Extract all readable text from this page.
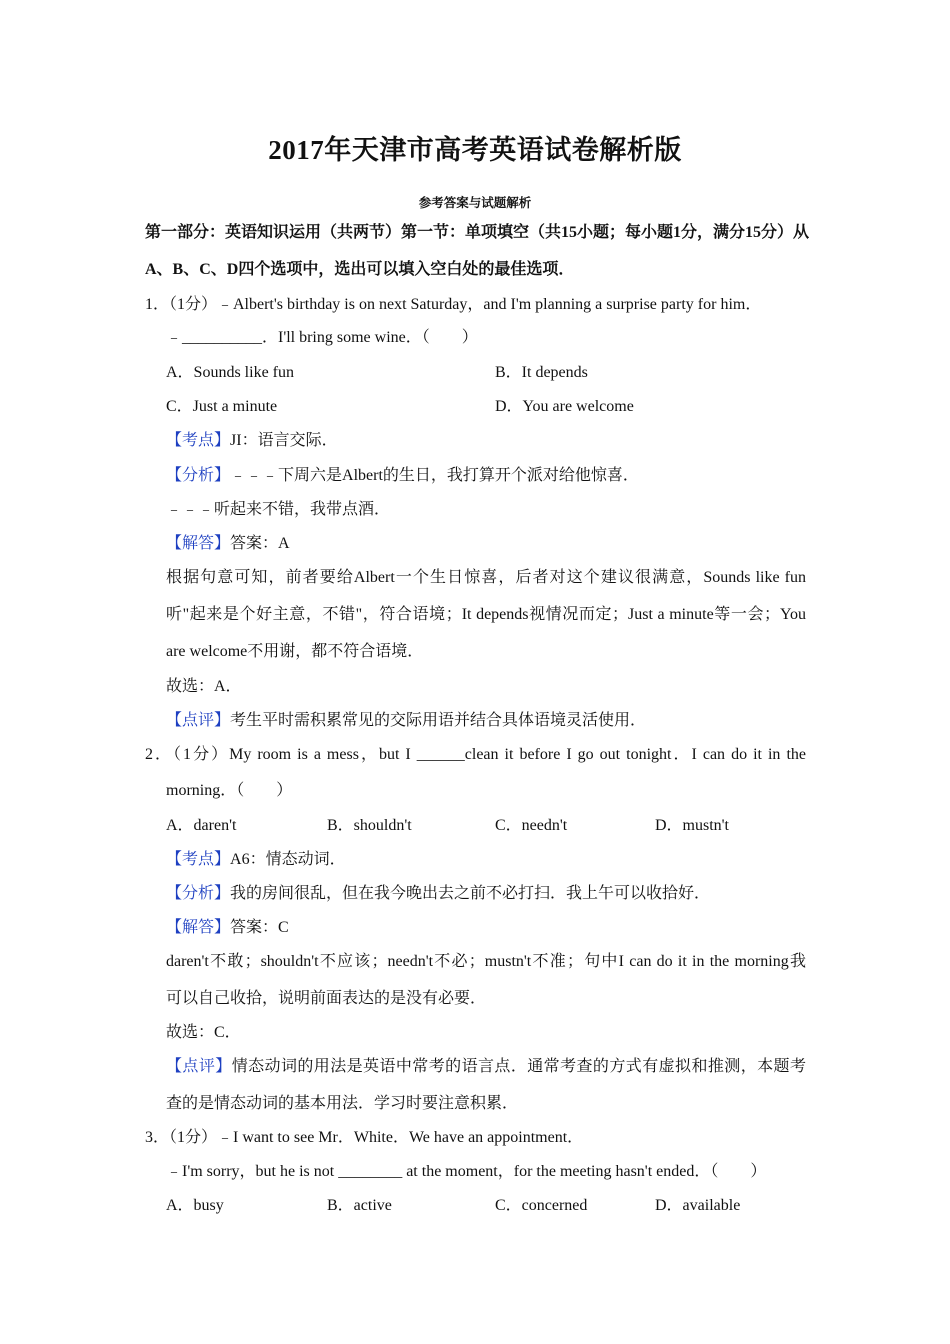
2017年天津市高考英语试卷解析版
参考答案与试题解析
第一部分：英语知识运用（共两节）第一节：单项填空（共15小题；每小题1分，满分15分）从
A、B、C、D四个选项中，选出可以填入空白处的最佳选项．
1．（1分）﹣Albert's birthday is on next Saturday，and I'm planning a surprise party for him．
﹣__________．I'll bring some wine．（　　）
A．Sounds like fun	B．It depends
C．Just a minute	D．You are welcome
【考点】JI：语言交际．
【分析】﹣﹣﹣下周六是Albert的生日，我打算开个派对给他惊喜．
﹣﹣﹣听起来不错，我带点酒．
【解答】答案：A
根据句意可知，前者要给Albert一个生日惊喜，后者对这个建议很满意，Sounds like fun
听"起来是个好主意，不错"，符合语境；It depends视情况而定；Just a minute等一会；You
are welcome不用谢，都不符合语境．
故选：A．
【点评】考生平时需积累常见的交际用语并结合具体语境灵活使用．
2．（1分）My room is a mess，but I ______clean it before I go out tonight．I can do it in the
morning．（　　）
A．daren't	B．shouldn't	C．needn't	D．mustn't
【考点】A6：情态动词．
【分析】我的房间很乱，但在我今晚出去之前不必打扫．我上午可以收拾好．
【解答】答案：C
daren't不敢；shouldn't不应该；needn't不必；mustn't不准；句中I can do it in the morning我
可以自己收拾，说明前面表达的是没有必要．
故选：C．
【点评】情态动词的用法是英语中常考的语言点．通常考查的方式有虚拟和推测，本题考
查的是情态动词的基本用法．学习时要注意积累．
3．（1分）﹣I want to see Mr．White．We have an appointment．
﹣I'm sorry，but he is not ________ at the moment，for the meeting hasn't ended．（　　）
A．busy	B．active	C．concerned	D．available
